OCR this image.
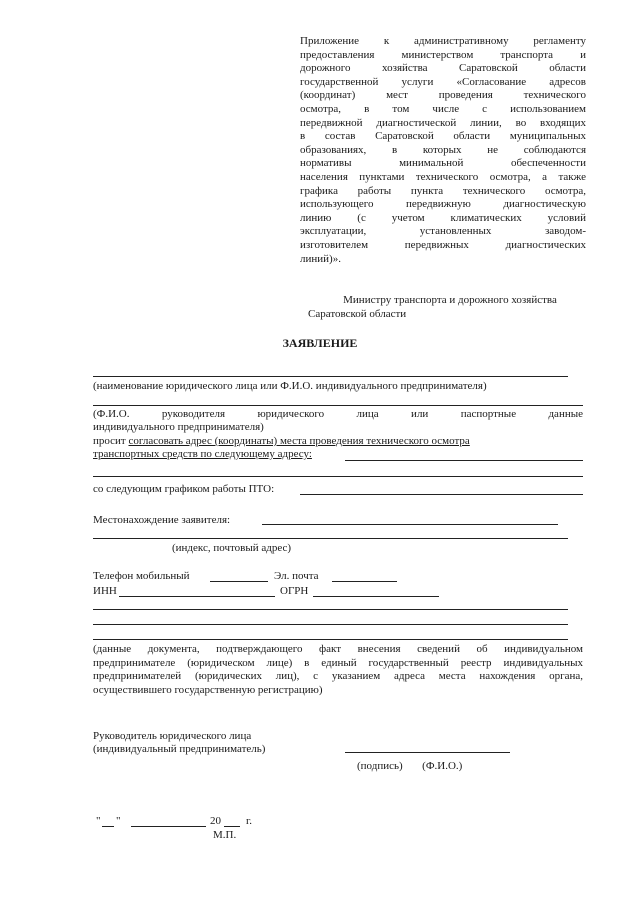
Приложение к административному регламенту
предоставления министерством транспорта и
дорожного хозяйства Саратовской области
государственной услуги «Согласование адресов
(координат) мест проведения технического
осмотра, в том числе с использованием
передвижной диагностической линии, во входящих
в состав Саратовской области муниципальных
образованиях, в которых не соблюдаются
нормативы минимальной обеспеченности
населения пунктами технического осмотра, а также
графика работы пункта технического осмотра,
использующего передвижную диагностическую
линию (с учетом климатических условий
эксплуатации, установленных заводом-
изготовителем передвижных диагностических
линий)».
Министру транспорта и дорожного хозяйства
Саратовской области
ЗАЯВЛЕНИЕ
(наименование юридического лица или Ф.И.О. индивидуального предпринимателя)
(Ф.И.О. руководителя юридического лица или паспортные данные
индивидуального предпринимателя)
просит согласовать адрес (координаты) места проведения технического осмотра
транспортных средств по следующему адресу:
со следующим графиком работы ПТО:
Местонахождение заявителя:
(индекс, почтовый адрес)
Телефон мобильный	Эл. почта
ИНН	ОГРН
(данные документа, подтверждающего факт внесения сведений об индивидуальном
предпринимателе (юридическом лице) в единый государственный реестр индивидуальных
предпринимателей (юридических лиц), с указанием адреса места нахождения органа,
осуществившего государственную регистрацию)
Руководитель юридического лица
(индивидуальный предприниматель)
(подпись) (Ф.И.О.)
" "	20 г.
М.П.
